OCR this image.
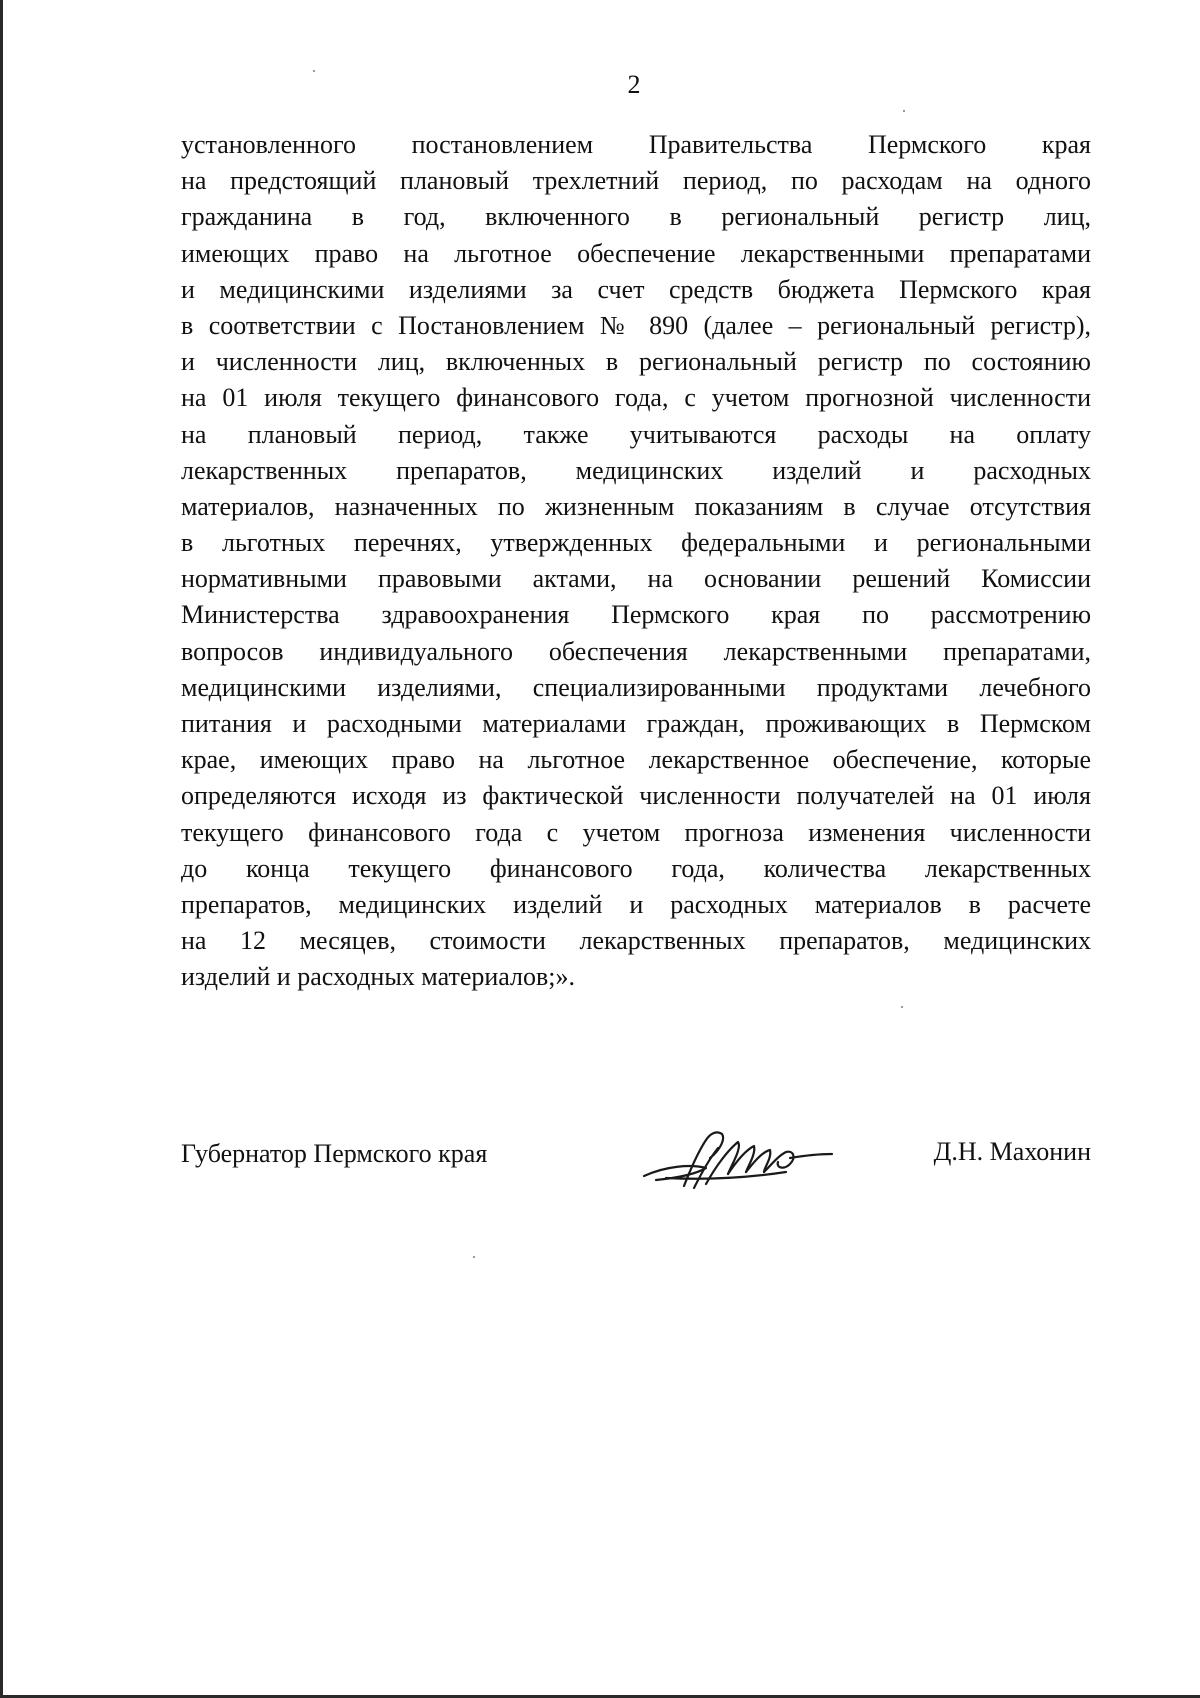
2
установленного постановлением Правительства Пермского края
на предстоящий плановый трехлетний период, по расходам на одного
гражданина в год, включенного в региональный регистр лиц,
имеющих право на льготное обеспечение лекарственными препаратами
и медицинскими изделиями за счет средств бюджета Пермского края
в соответствии с Постановлением № 890 (далее – региональный регистр),
и численности лиц, включенных в региональный регистр по состоянию
на 01 июля текущего финансового года, с учетом прогнозной численности
на плановый период, также учитываются расходы на оплату
лекарственных препаратов, медицинских изделий и расходных
материалов, назначенных по жизненным показаниям в случае отсутствия
в льготных перечнях, утвержденных федеральными и региональными
нормативными правовыми актами, на основании решений Комиссии
Министерства здравоохранения Пермского края по рассмотрению
вопросов индивидуального обеспечения лекарственными препаратами,
медицинскими изделиями, специализированными продуктами лечебного
питания и расходными материалами граждан, проживающих в Пермском
крае, имеющих право на льготное лекарственное обеспечение, которые
определяются исходя из фактической численности получателей на 01 июля
текущего финансового года с учетом прогноза изменения численности
до конца текущего финансового года, количества лекарственных
препаратов, медицинских изделий и расходных материалов в расчете
на 12 месяцев, стоимости лекарственных препаратов, медицинских
изделий и расходных материалов;».
Губернатор Пермского края	Д.Н. Махонин
